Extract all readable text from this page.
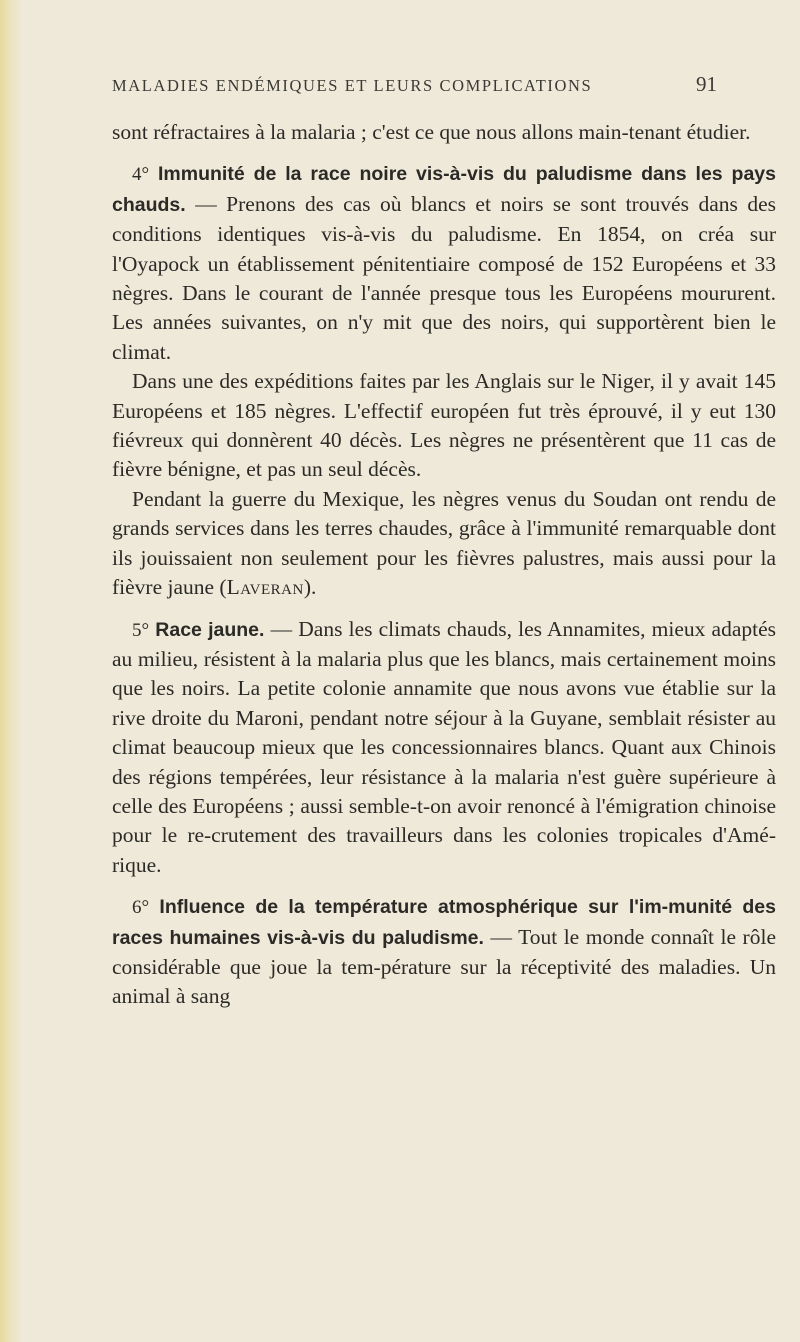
MALADIES ENDÉMIQUES ET LEURS COMPLICATIONS	91

sont réfractaires à la malaria ; c'est ce que nous allons main-tenant étudier.

4° Immunité de la race noire vis-à-vis du paludisme dans les pays chauds. — Prenons des cas où blancs et noirs se sont trouvés dans des conditions identiques vis-à-vis du paludisme. En 1854, on créa sur l'Oyapock un établissement pénitentiaire composé de 152 Européens et 33 nègres. Dans le courant de l'année presque tous les Européens moururent. Les années suivantes, on n'y mit que des noirs, qui supportèrent bien le climat.

Dans une des expéditions faites par les Anglais sur le Niger, il y avait 145 Européens et 185 nègres. L'effectif européen fut très éprouvé, il y eut 130 fiévreux qui donnèrent 40 décès. Les nègres ne présentèrent que 11 cas de fièvre bénigne, et pas un seul décès.

Pendant la guerre du Mexique, les nègres venus du Soudan ont rendu de grands services dans les terres chaudes, grâce à l'immunité remarquable dont ils jouissaient non seulement pour les fièvres palustres, mais aussi pour la fièvre jaune (Laveran).

5° Race jaune. — Dans les climats chauds, les Annamites, mieux adaptés au milieu, résistent à la malaria plus que les blancs, mais certainement moins que les noirs. La petite colonie annamite que nous avons vue établie sur la rive droite du Maroni, pendant notre séjour à la Guyane, semblait résister au climat beaucoup mieux que les concessionnaires blancs. Quant aux Chinois des régions tempérées, leur résistance à la malaria n'est guère supérieure à celle des Européens ; aussi semble-t-on avoir renoncé à l'émigration chinoise pour le re-crutement des travailleurs dans les colonies tropicales d'Amé-rique.

6° Influence de la température atmosphérique sur l'im-munité des races humaines vis-à-vis du paludisme. — Tout le monde connaît le rôle considérable que joue la tem-pérature sur la réceptivité des maladies. Un animal à sang
